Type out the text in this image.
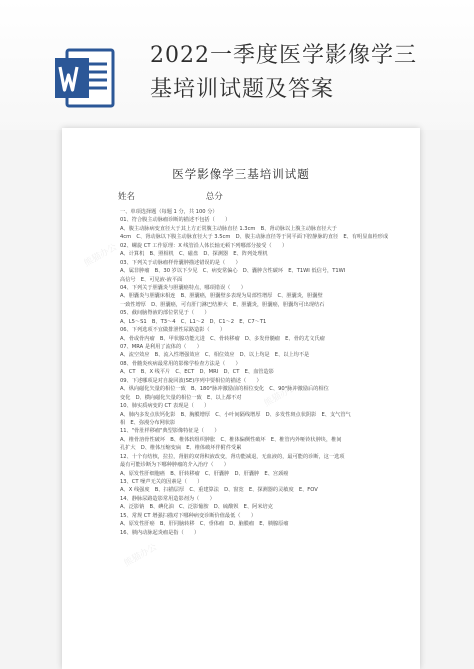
2022一季度医学影像学三
基培训试题及答案
医学影像学三基培训试题
姓名	总分
一、单项选择题（每题 1 分，共 100 分）
01、符合腹主动脉瘤诊断的描述不包括（　　）
A、腹主动脉病变直径大于其上方正常腹主动脉直径 1.3cm　B、肾动脉以上腹主动脉直径大于
4cm　C、肾动脉以下腹主动脉直径大于 3.5cm　D、腹主动脉直径等于同平面下腔静脉的直径　E、有明显血栓形成
02、螺旋 CT 工作原理：X 线管沿人体长轴无顿下列哪部分接受（　　）
A、计算机　B、照相机　C、磁盘　D、探测器　E、阵列处理机
03、下列关于动脉瘤样骨囊肿描述错误的是（　　）
A、属非肿瘤　B、30 岁以下少见　C、病变常偏心　D、囊肿含性碳环　E、T1WI 低信号，T1WI
高信号　E、可见液-液平面
04、下列关于胆囊炎与胆囊癌特点，哪项错误（　　）
A、胆囊炎与胆囊床相连　B、胆囊癌，胆囊壁多表现为局部性增厚　C、胆囊炎，胆囊壁
一致性增厚　D、胆囊癌，可有肝门淋巴结肿大　E、胆囊炎，胆囊癌，胆囊均可出现结石
05、截间脑脊液的部位常见于（　　）
A、L5～S1　B、T3～4　C、L1～2　D、C1～2　E、C7～T1
06、下列选项不宜做排泄性尿路造影（　　）
A、骨或骨内瘤　B、甲状腺功能亢进　C、骨转移瘤　D、多发骨髓瘤　E、骨的尤文氏瘤
07、MRA 是利用了流体的（　　）
A、流空效应　B、流入性增强效应　C、相位效应　D、以上均是　E、以上均不是
08、骨髓炎疾病最常用的影像学检查方法是（　　）
A、CT　B、X 线平片　C、ECT　D、MRI　D、CT　E、血管造影
09、下述哪项是对自旋回波(SE)序列中要相位的描述（　　）
A、纵向磁化矢量的相位一致　B、180°脉冲激励前的相位变化　C、90°脉冲激励后的相位
变化　D、横向磁化矢量的相位一致　E、以上都不对
10、肺实质病变的 CT 表现是（　　）
A、肺内多发点状钙化影　B、胸膜增厚　C、小叶间隔线增厚　D、多发性斑点状阴影　E、支气管气
相　E、弥漫分布网状影
11、"骨肚样移瘤"典型影像特征是（　　）
A、椎骨溶骨性破坏　B、椎体软组织肿胀　C、椎体偏侧性破坏　E、椎管内外哑铃状肿块，椎间
孔扩大　D、椎体压缩变扁　E、椎体破坏伴附件受累
12、十个有结核，拉拉，肾脏的双肾积液改变，肾功能减退，无血液的，最可能的诊断，这一选项
最有可能诊断为下哪种肿瘤的介入治疗（　　）
A、原发性肝细胞癌　B、肝转移瘤　C、肝囊肿　D、肝囊肿　E、宫颈癌
13、CT 噪声无关的因素是（　　）
A、X 线强度　B、扫描层厚　C、重建算法　D、窗宽　E、探测器的灵敏度　E、FOV
14、静脉尿路造影常用造影剂为（　　）
A、泛影钠　B、碘化油　C、泛影葡胺　D、硫酸钡　E、阿米培克
15、常规 CT 增强扫描对下哪种病变诊断价值最低（　　）
A、原发性肝癌　B、肝同脑转移　C、垂体瘤　D、脑膜瘤　E、胰腺原瘤
16、胰内动脉起炎瘤是指（　　）
熊猫办公
熊猫办公
熊猫办公
